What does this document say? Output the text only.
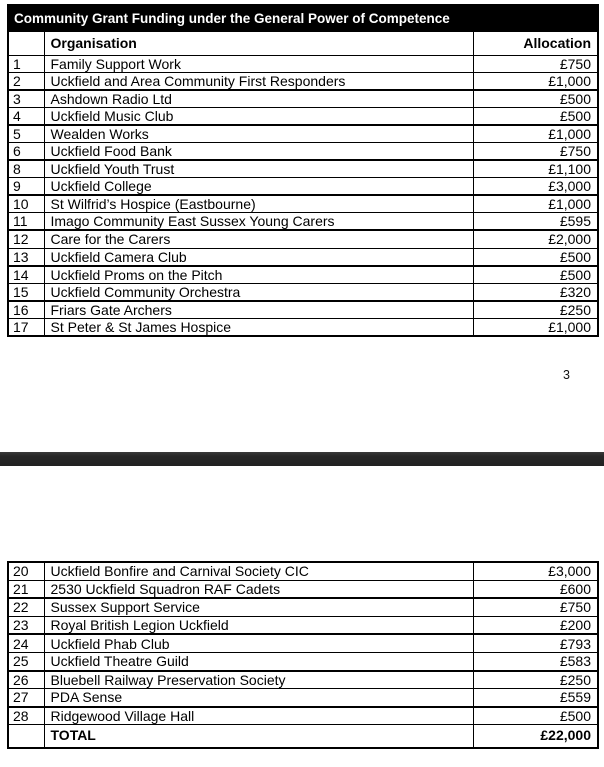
Community Grant Funding under the General Power of Competence		
	Organisation	Allocation
1	Family Support Work	£750
2	Uckfield and Area Community First Responders	£1,000
3	Ashdown Radio Ltd	£500
4	Uckfield Music Club	£500
5	Wealden Works	£1,000
6	Uckfield Food Bank	£750
8	Uckfield Youth Trust	£1,100
9	Uckfield College	£3,000
10	St Wilfrid’s Hospice (Eastbourne)	£1,000
11	Imago Community East Sussex Young Carers	£595
12	Care for the Carers	£2,000
13	Uckfield Camera Club	£500
14	Uckfield Proms on the Pitch	£500
15	Uckfield Community Orchestra	£320
16	Friars Gate Archers	£250
17	St Peter & St James Hospice	£1,000
3
20	Uckfield Bonfire and Carnival Society CIC	£3,000
21	2530 Uckfield Squadron RAF Cadets	£600
22	Sussex Support Service	£750
23	Royal British Legion Uckfield	£200
24	Uckfield Phab Club	£793
25	Uckfield Theatre Guild	£583
26	Bluebell Railway Preservation Society	£250
27	PDA Sense	£559
28	Ridgewood Village Hall	£500
	TOTAL	£22,000
